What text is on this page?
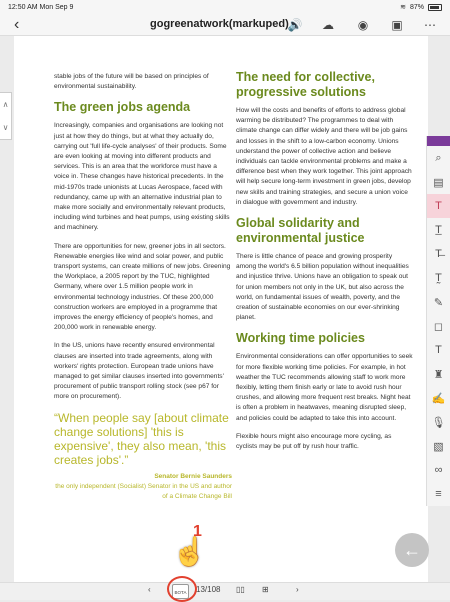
12:50 AM Mon Sep 9	≋ 87%
‹	gogreenatwork(markuped)
🔊 ☁ ◉ ▣ ⋯
∧
∨

stable jobs of the future will be based on principles of environmental sustainability.

The green jobs agenda

Increasingly, companies and organisations are looking not just at how they do things, but at what they actually do, carrying out 'full life-cycle analyses' of their products. Some are even looking at moving into different products and services. This is an area that the workforce must have a voice in. These changes have historical precedents. In the mid-1970s trade unionists at Lucas Aerospace, faced with redundancy, came up with an alternative industrial plan to make more socially and environmentally relevant products, including wind turbines and heat pumps, using existing skills and machinery.

There are opportunities for new, greener jobs in all sectors. Renewable energies like wind and solar power, and public transport systems, can create millions of new jobs. Greening the Workplace, a 2005 report by the TUC, highlighted Germany, where over 1.5 million people work in environmental technology industries. Of these 200,000 construction workers are employed in a programme that improves the energy efficiency of people's homes, and 200,000 work in renewable energy.

In the US, unions have recently ensured environmental clauses are inserted into trade agreements, along with workers' rights protection. European trade unions have managed to get similar clauses inserted into governments' procurement of public transport rolling stock (see p67 for more on procurement).

“When people say [about climate change solutions] 'this is expensive', they also mean, 'this creates jobs'.”
Senator Bernie Saunders
the only independent (Socialist) Senator in the US and author of a Climate Change Bill
The need for collective, progressive solutions

How will the costs and benefits of efforts to address global warming be distributed? The programmes to deal with climate change can differ widely and there will be job gains and losses in the shift to a low-carbon economy. Unions understand the power of collective action and believe individuals can tackle environmental problems and make a difference best when they work together. This joint approach will help secure long-term investment in green jobs, develop new skills and training strategies, and secure a union voice in dialogue with government and industry.

Global solidarity and environmental justice

There is little chance of peace and growing prosperity among the world's 6.5 billion population without inequalities and injustice thrive. Unions have an obligation to speak out for union members not only in the UK, but also across the world, on fundamental issues of wealth, poverty, and the creation of sustainable economies on our ever-shrinking planet.

Working time policies

Environmental considerations can offer opportunities to seek for more flexible working time policies. For example, in hot weather the TUC recommends allowing staff to work more flexibly, letting them finish early or late to avoid rush hour crushes, and allowing more frequent rest breaks. Night heat is often a problem in heatwaves, meaning disrupted sleep, and policies could be adapted to take this into account.

Flexible hours might also encourage more cycling, as cyclists may be put off by rush hour traffic.

⌕
▤
T
T̲
T̶
T̰
✎
◻
T
♜
✍
🎙
▧
∞
≡
←
‹	BOTA	13/108 ▯▯ ⊞	›
☝
1
